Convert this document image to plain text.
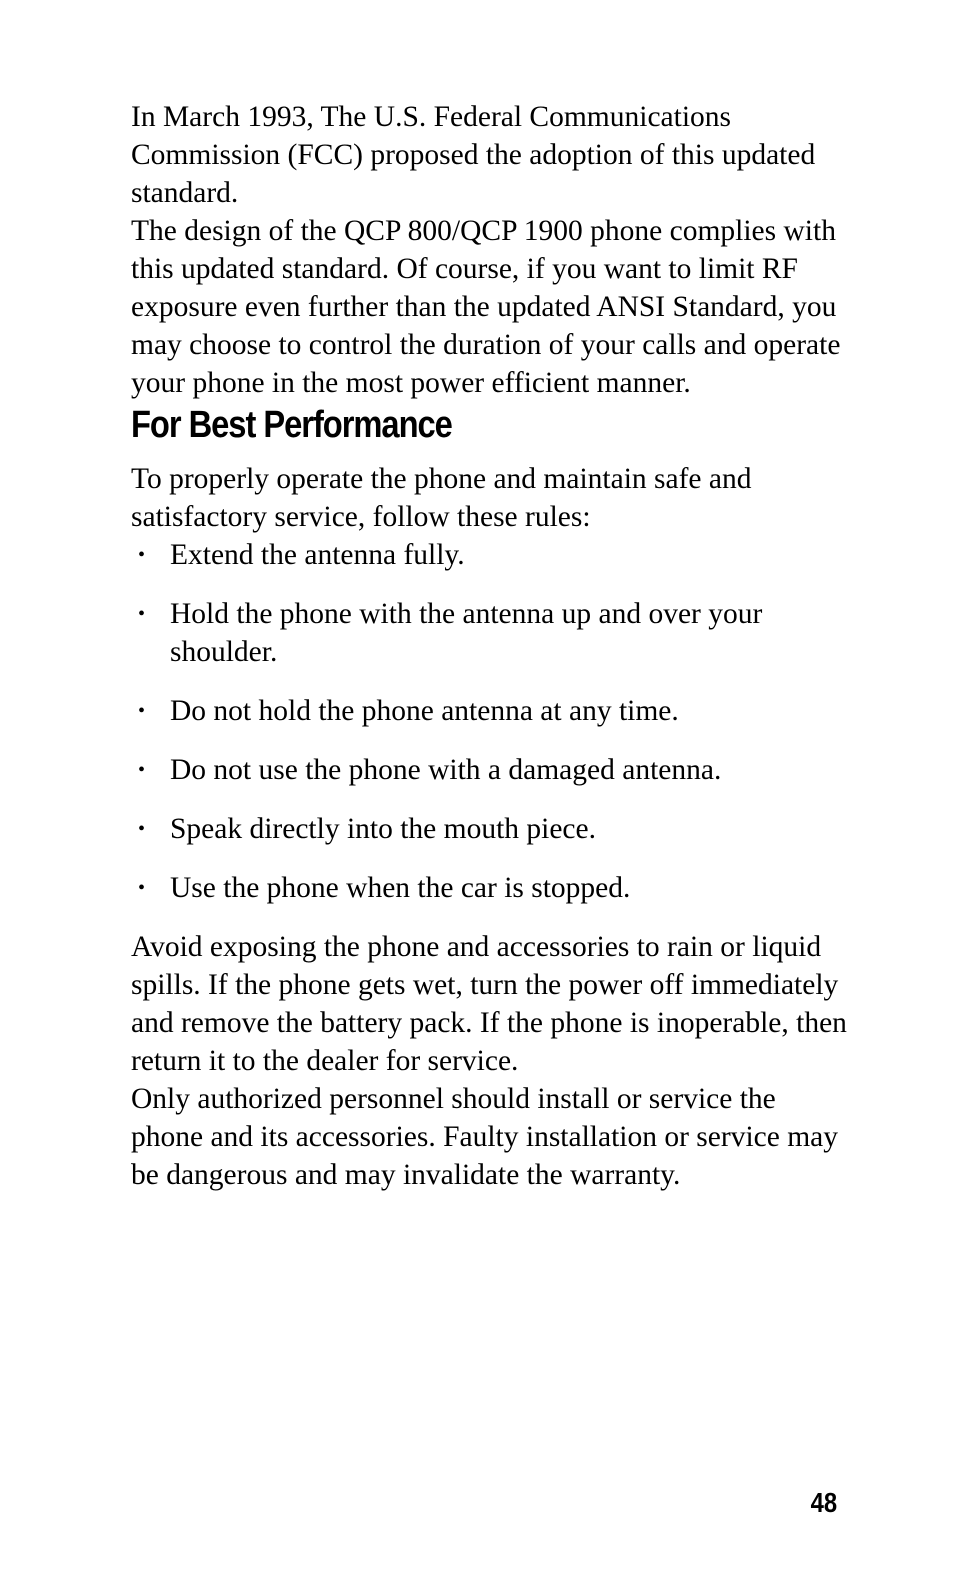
In March 1993, The U.S. Federal Communications Commission (FCC) proposed the adoption of this updated standard.

The design of the QCP 800/QCP 1900 phone complies with this updated standard. Of course, if you want to limit RF exposure even further than the updated ANSI Standard, you may choose to control the duration of your calls and operate your phone in the most power efficient manner.

For Best Performance

To properly operate the phone and maintain safe and satisfactory service, follow these rules:

• Extend the antenna fully.
• Hold the phone with the antenna up and over your shoulder.
• Do not hold the phone antenna at any time.
• Do not use the phone with a damaged antenna.
• Speak directly into the mouth piece.
• Use the phone when the car is stopped.

Avoid exposing the phone and accessories to rain or liquid spills. If the phone gets wet, turn the power off immediately and remove the battery pack. If the phone is inoperable, then return it to the dealer for service.

Only authorized personnel should install or service the phone and its accessories. Faulty installation or service may be dangerous and may invalidate the warranty.

48
